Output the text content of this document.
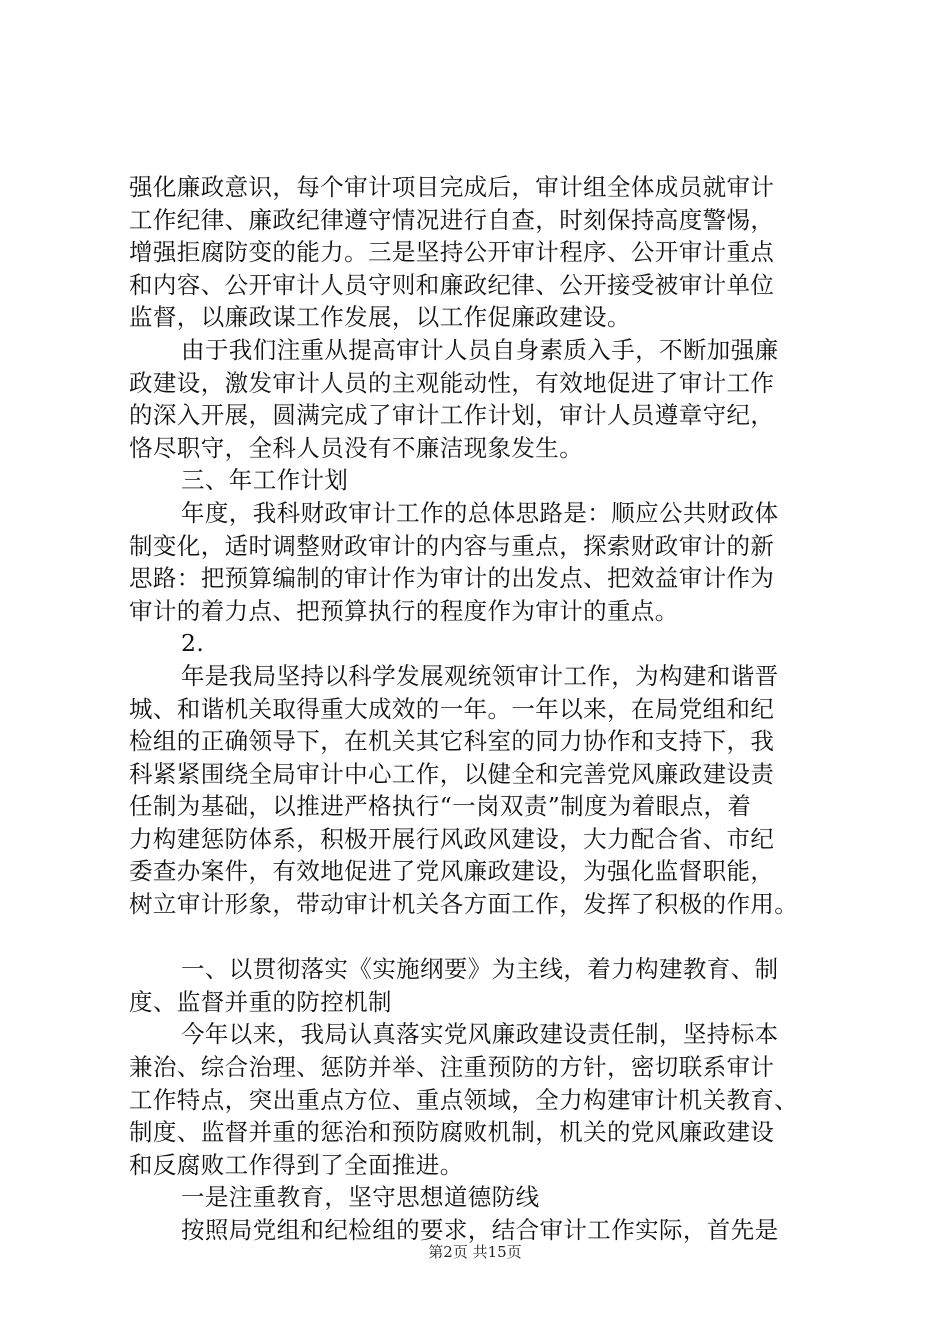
强化廉政意识，每个审计项目完成后，审计组全体成员就审计
工作纪律、廉政纪律遵守情况进行自查，时刻保持高度警惕，
增强拒腐防变的能力。三是坚持公开审计程序、公开审计重点
和内容、公开审计人员守则和廉政纪律、公开接受被审计单位
监督，以廉政谋工作发展，以工作促廉政建设。
由于我们注重从提高审计人员自身素质入手，不断加强廉
政建设，激发审计人员的主观能动性，有效地促进了审计工作
的深入开展，圆满完成了审计工作计划，审计人员遵章守纪，
恪尽职守，全科人员没有不廉洁现象发生。
三、年工作计划
年度，我科财政审计工作的总体思路是：顺应公共财政体
制变化，适时调整财政审计的内容与重点，探索财政审计的新
思路：把预算编制的审计作为审计的出发点、把效益审计作为
审计的着力点、把预算执行的程度作为审计的重点。
2.
年是我局坚持以科学发展观统领审计工作，为构建和谐晋
城、和谐机关取得重大成效的一年。一年以来，在局党组和纪
检组的正确领导下，在机关其它科室的同力协作和支持下，我
科紧紧围绕全局审计中心工作，以健全和完善党风廉政建设责
任制为基础，以推进严格执行“一岗双责”制度为着眼点，着
力构建惩防体系，积极开展行风政风建设，大力配合省、市纪
委查办案件，有效地促进了党风廉政建设，为强化监督职能，
树立审计形象，带动审计机关各方面工作，发挥了积极的作用。
一、以贯彻落实《实施纲要》为主线，着力构建教育、制
度、监督并重的防控机制
今年以来，我局认真落实党风廉政建设责任制，坚持标本
兼治、综合治理、惩防并举、注重预防的方针，密切联系审计
工作特点，突出重点方位、重点领域，全力构建审计机关教育、
制度、监督并重的惩治和预防腐败机制，机关的党风廉政建设
和反腐败工作得到了全面推进。
一是注重教育，坚守思想道德防线
按照局党组和纪检组的要求，结合审计工作实际，首先是
第2页 共15页
